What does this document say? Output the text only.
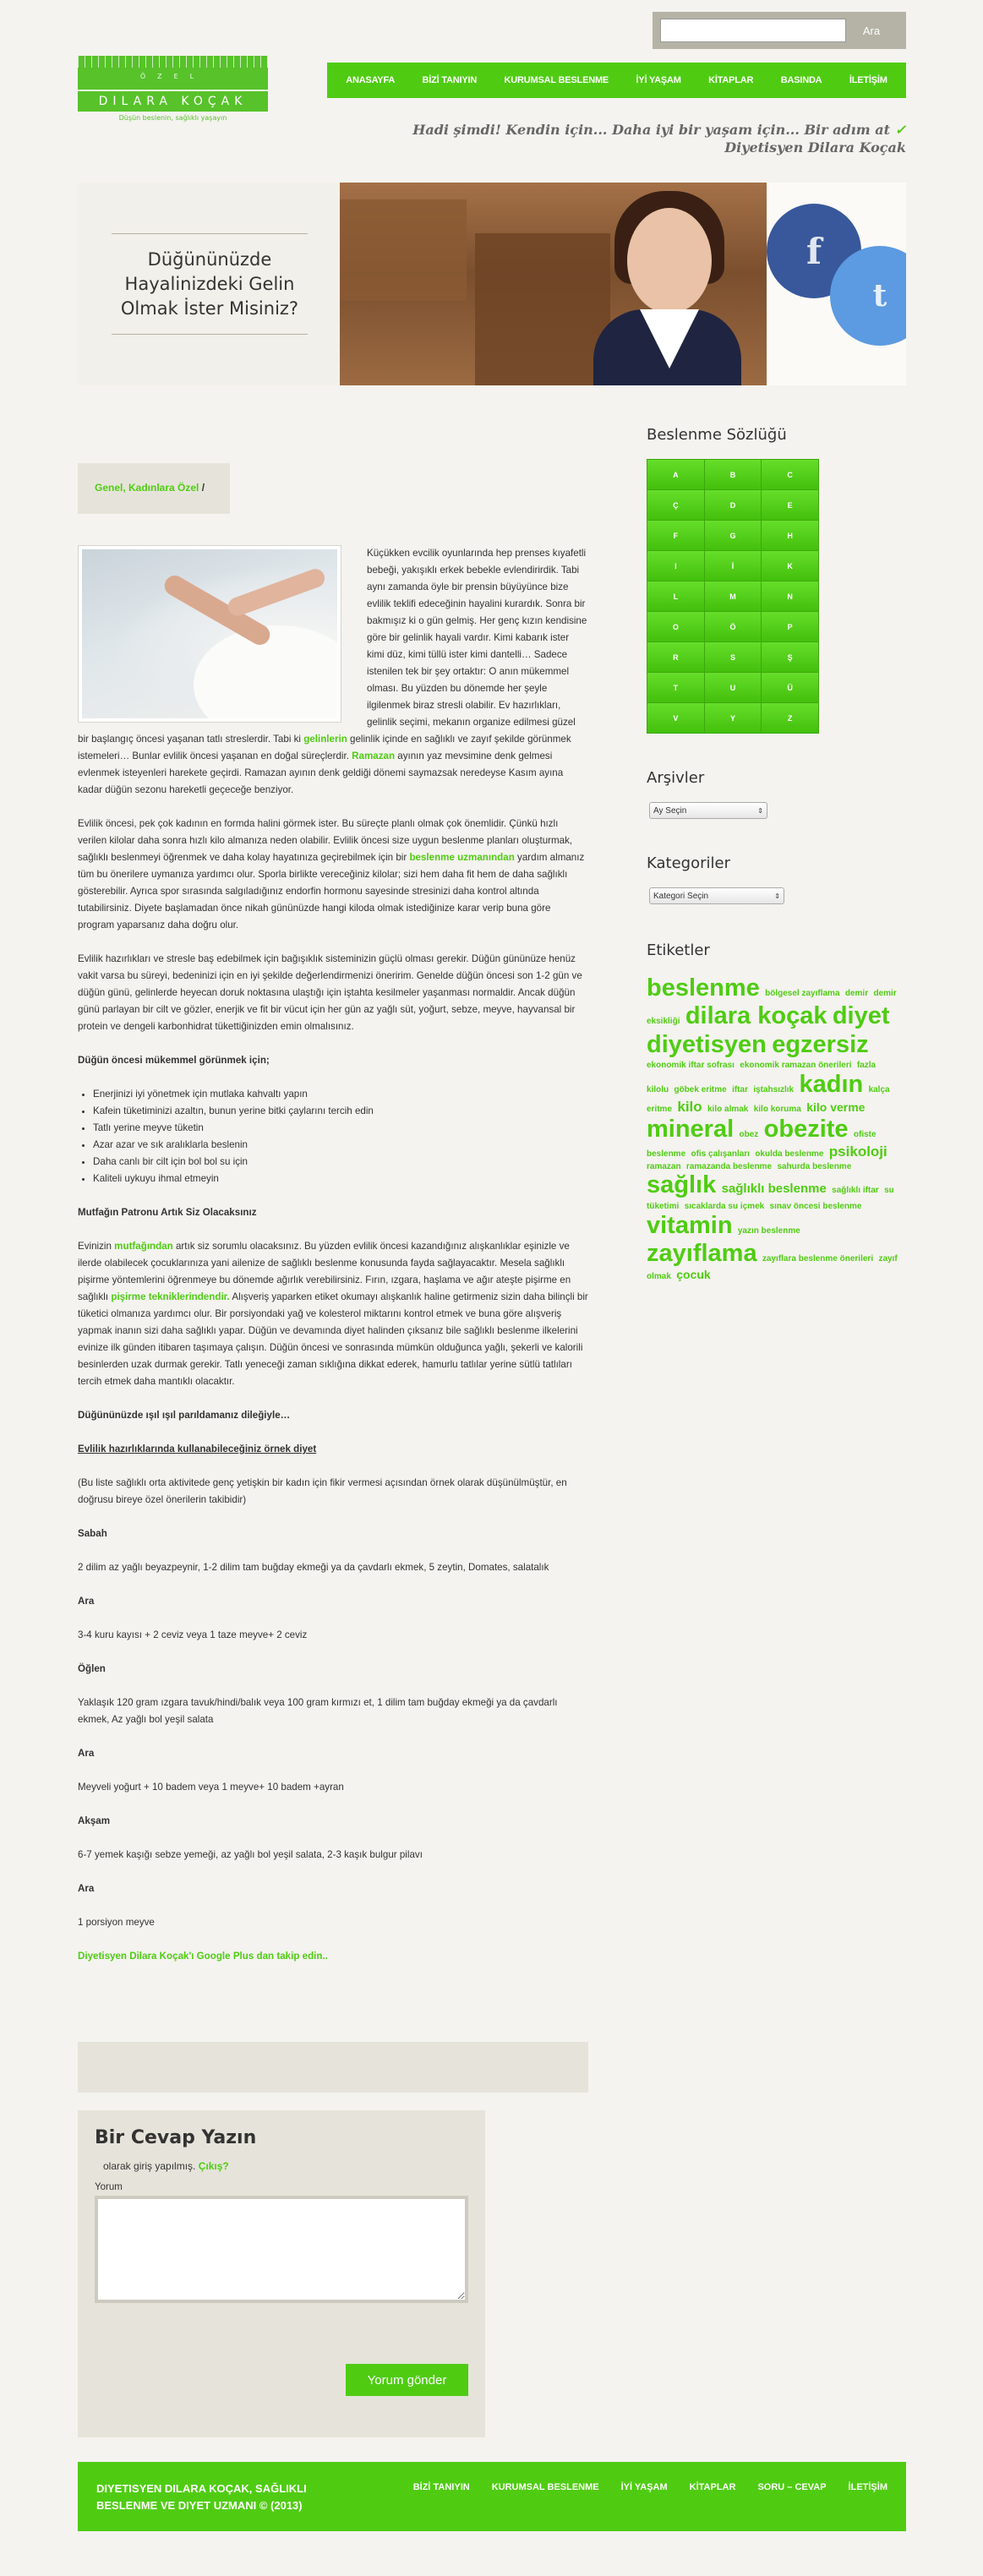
Ara
ÖZEL
DILARA KOÇAK
Düşün beslenin, sağlıklı yaşayın
ANASAYFA	BİZİ TANIYIN	KURUMSAL BESLENME	İYİ YAŞAM	KİTAPLAR	BASINDA	İLETİŞİM
Hadi şimdi! Kendin için... Daha iyi bir yaşam için... Bir adım at ✓
Diyetisyen Dilara Koçak
Düğününüzde Hayalinizdeki Gelin Olmak İster Misiniz?
f
t
Genel, Kadınlara Özel /

Küçükken evcilik oyunlarında hep prenses kıyafetli bebeği, yakışıklı erkek bebekle evlendirirdik. Tabi aynı zamanda öyle bir prensin büyüyünce bize evlilik teklifi edeceğinin hayalini kurardık. Sonra bir bakmışız ki o gün gelmiş. Her genç kızın kendisine göre bir gelinlik hayali vardır. Kimi kabarık ister kimi düz, kimi tüllü ister kimi dantelli… Sadece istenilen tek bir şey ortaktır: O anın mükemmel olması. Bu yüzden bu dönemde her şeyle ilgilenmek biraz stresli olabilir. Ev hazırlıkları, gelinlik seçimi, mekanın organize edilmesi güzel bir başlangıç öncesi yaşanan tatlı streslerdir. Tabi ki gelinlerin gelinlik içinde en sağlıklı ve zayıf şekilde görünmek istemeleri… Bunlar evlilik öncesi yaşanan en doğal süreçlerdir. Ramazan ayının yaz mevsimine denk gelmesi evlenmek isteyenleri harekete geçirdi. Ramazan ayının denk geldiği dönemi saymazsak neredeyse Kasım ayına kadar düğün sezonu hareketli geçeceğe benziyor.

Evlilik öncesi, pek çok kadının en formda halini görmek ister. Bu süreçte planlı olmak çok önemlidir. Çünkü hızlı verilen kilolar daha sonra hızlı kilo almanıza neden olabilir. Evlilik öncesi size uygun beslenme planları oluşturmak, sağlıklı beslenmeyi öğrenmek ve daha kolay hayatınıza geçirebilmek için bir beslenme uzmanından yardım almanız tüm bu önerilere uymanıza yardımcı olur. Sporla birlikte vereceğiniz kilolar; sizi hem daha fit hem de daha sağlıklı gösterebilir. Ayrıca spor sırasında salgıladığınız endorfin hormonu sayesinde stresinizi daha kontrol altında tutabilirsiniz. Diyete başlamadan önce nikah gününüzde hangi kiloda olmak istediğinize karar verip buna göre program yaparsanız daha doğru olur.

Evlilik hazırlıkları ve stresle baş edebilmek için bağışıklık sisteminizin güçlü olması gerekir. Düğün gününüze henüz vakit varsa bu süreyi, bedeninizi için en iyi şekilde değerlendirmenizi öneririm. Genelde düğün öncesi son 1-2 gün ve düğün günü, gelinlerde heyecan doruk noktasına ulaştığı için iştahta kesilmeler yaşanması normaldir. Ancak düğün günü parlayan bir cilt ve gözler, enerjik ve fit bir vücut için her gün az yağlı süt, yoğurt, sebze, meyve, hayvansal bir protein ve dengeli karbonhidrat tükettiğinizden emin olmalısınız.

Düğün öncesi mükemmel görünmek için;
• Enerjinizi iyi yönetmek için mutlaka kahvaltı yapın
• Kafein tüketiminizi azaltın, bunun yerine bitki çaylarını tercih edin
• Tatlı yerine meyve tüketin
• Azar azar ve sık aralıklarla beslenin
• Daha canlı bir cilt için bol bol su için
• Kaliteli uykuyu ihmal etmeyin
Mutfağın Patronu Artık Siz Olacaksınız

Evinizin mutfağından artık siz sorumlu olacaksınız. Bu yüzden evlilik öncesi kazandığınız alışkanlıklar eşinizle ve ilerde olabilecek çocuklarınıza yani ailenize de sağlıklı beslenme konusunda fayda sağlayacaktır. Mesela sağlıklı pişirme yöntemlerini öğrenmeye bu dönemde ağırlık verebilirsiniz. Fırın, ızgara, haşlama ve ağır ateşte pişirme en sağlıklı pişirme tekniklerindendir. Alışveriş yaparken etiket okumayı alışkanlık haline getirmeniz sizin daha bilinçli bir tüketici olmanıza yardımcı olur. Bir porsiyondaki yağ ve kolesterol miktarını kontrol etmek ve buna göre alışveriş yapmak inanın sizi daha sağlıklı yapar. Düğün ve devamında diyet halinden çıksanız bile sağlıklı beslenme ilkelerini evinize ilk günden itibaren taşımaya çalışın. Düğün öncesi ve sonrasında mümkün olduğunca yağlı, şekerli ve kalorili besinlerden uzak durmak gerekir. Tatlı yeneceği zaman sıklığına dikkat ederek, hamurlu tatlılar yerine sütlü tatlıları tercih etmek daha mantıklı olacaktır.

Düğününüzde ışıl ışıl parıldamanız dileğiyle…
Evlilik hazırlıklarında kullanabileceğiniz örnek diyet

(Bu liste sağlıklı orta aktivitede genç yetişkin bir kadın için fikir vermesi açısından örnek olarak düşünülmüştür, en doğrusu bireye özel önerilerin takibidir)

Sabah

2 dilim az yağlı beyazpeynir, 1-2 dilim tam buğday ekmeği ya da çavdarlı ekmek, 5 zeytin, Domates, salatalık

Ara

3-4 kuru kayısı + 2 ceviz veya 1 taze meyve+ 2 ceviz

Öğlen

Yaklaşık 120 gram ızgara tavuk/hindi/balık veya 100 gram kırmızı et, 1 dilim tam buğday ekmeği ya da çavdarlı ekmek, Az yağlı bol yeşil salata

Ara

Meyveli yoğurt + 10 badem veya 1 meyve+ 10 badem +ayran

Akşam

6-7 yemek kaşığı sebze yemeği, az yağlı bol yeşil salata, 2-3 kaşık bulgur pilavı

Ara

1 porsiyon meyve

Diyetisyen Dilara Koçak'ı Google Plus dan takip edin..

Bir Cevap Yazın
olarak giriş yapılmış. Çıkış?
Yorum
Yorum gönder
Beslenme Sözlüğü
A	B	C
Ç	D	E
F	G	H
I	İ	K
L	M	N
O	Ö	P
R	S	Ş
T	U	Ü
V	Y	Z
Arşivler
Ay Seçin	⇕
Kategoriler
Kategori Seçin	⇕
Etiketler
beslenme bölgesel zayıflama demir demir eksikliği dilara koçak diyet diyetisyen egzersiz ekonomik iftar sofrası ekonomik ramazan önerileri fazla kilolu göbek eritme iftar iştahsızlık kadın kalça eritme kilo kilo almak kilo koruma kilo verme mineral obez obezite ofiste beslenme ofis çalışanları okulda beslenme psikoloji ramazan ramazanda beslenme sahurda beslenme sağlık sağlıklı beslenme sağlıklı iftar su tüketimi sıcaklarda su içmek sınav öncesi beslenme vitamin yazın beslenme zayıflama zayıflara beslenme önerileri zayıf olmak çocuk
DIYETISYEN DILARA KOÇAK, SAĞLIKLI BESLENME VE DIYET UZMANI © (2013)
BİZİ TANIYIN KURUMSAL BESLENME İYİ YAŞAM KİTAPLAR SORU – CEVAP İLETİŞİM
